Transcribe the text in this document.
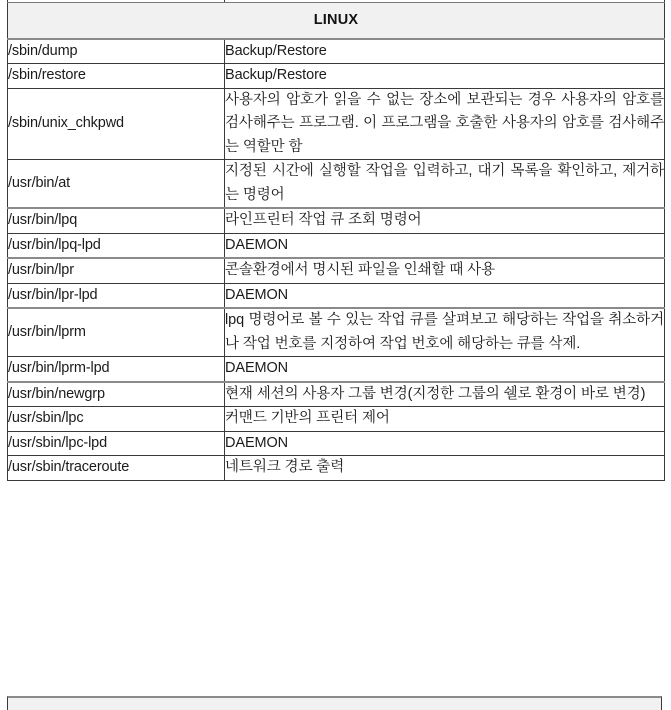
LINUX	

/sbin/dump	Backup/Restore

/sbin/restore	Backup/Restore

/sbin/unix_chkpwd	사용자의 암호가 읽을 수 없는 장소에 보관되는 경우 사용자의 암호를 검사해주는 프로그램. 이 프로그램을 호출한 사용자의 암호를 검사해주는 역할만 함

/usr/bin/at	지정된 시간에 실행할 작업을 입력하고, 대기 목록을 확인하고, 제거하는 명령어

/usr/bin/lpq	라인프린터 작업 큐 조회 명령어

/usr/bin/lpq-lpd	DAEMON

/usr/bin/lpr	콘솔환경에서 명시된 파일을 인쇄할 때 사용

/usr/bin/lpr-lpd	DAEMON

/usr/bin/lprm	lpq 명령어로 볼 수 있는 작업 큐를 살펴보고 해당하는 작업을 취소하거나 작업 번호를 지정하여 작업 번호에 해당하는 큐를 삭제.

/usr/bin/lprm-lpd	DAEMON

/usr/bin/newgrp	현재 세션의 사용자 그룹 변경(지정한 그룹의 쉘로 환경이 바로 변경)

/usr/sbin/lpc	커맨드 기반의 프린터 제어

/usr/sbin/lpc-lpd	DAEMON

/usr/sbin/traceroute	네트워크 경로 출력
